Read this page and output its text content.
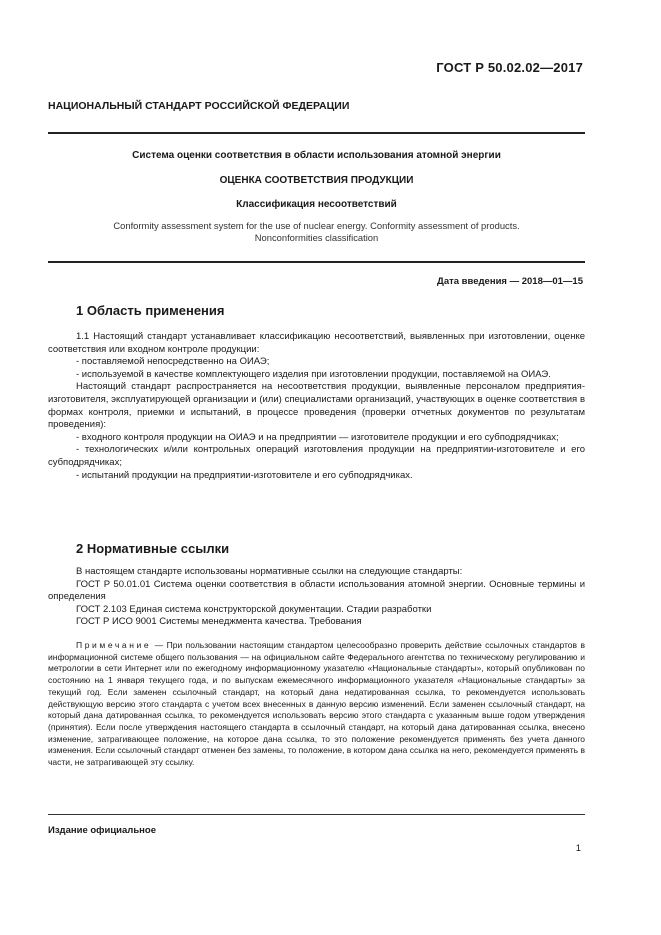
ГОСТ Р 50.02.02—2017
НАЦИОНАЛЬНЫЙ СТАНДАРТ РОССИЙСКОЙ ФЕДЕРАЦИИ
Система оценки соответствия в области использования атомной энергии
ОЦЕНКА СООТВЕТСТВИЯ ПРОДУКЦИИ
Классификация несоответствий
Conformity assessment system for the use of nuclear energy. Conformity assessment of products. Nonconformities classification
Дата введения — 2018—01—15
1 Область применения

1.1 Настоящий стандарт устанавливает классификацию несоответствий, выявленных при изготовлении, оценке соответствия или входном контроле продукции:

- поставляемой непосредственно на ОИАЭ;

- используемой в качестве комплектующего изделия при изготовлении продукции, поставляемой на ОИАЭ.

Настоящий стандарт распространяется на несоответствия продукции, выявленные персоналом предприятия-изготовителя, эксплуатирующей организации и (или) специалистами организаций, участвующих в оценке соответствия в формах контроля, приемки и испытаний, в процессе проведения (проверки отчетных документов по результатам проведения):

- входного контроля продукции на ОИАЭ и на предприятии — изготовителе продукции и его субподрядчиках;

- технологических и/или контрольных операций изготовления продукции на предприятии-изготовителе и его субподрядчиках;

- испытаний продукции на предприятии-изготовителе и его субподрядчиках.

2 Нормативные ссылки

В настоящем стандарте использованы нормативные ссылки на следующие стандарты:

ГОСТ Р 50.01.01 Система оценки соответствия в области использования атомной энергии. Основные термины и определения

ГОСТ 2.103 Единая система конструкторской документации. Стадии разработки

ГОСТ Р ИСО 9001 Системы менеджмента качества. Требования

Примечание — При пользовании настоящим стандартом целесообразно проверить действие ссылочных стандартов в информационной системе общего пользования — на официальном сайте Федерального агентства по техническому регулированию и метрологии в сети Интернет или по ежегодному информационному указателю «Национальные стандарты», который опубликован по состоянию на 1 января текущего года, и по выпускам ежемесячного информационного указателя «Национальные стандарты» за текущий год. Если заменен ссылочный стандарт, на который дана недатированная ссылка, то рекомендуется использовать действующую версию этого стандарта с учетом всех внесенных в данную версию изменений. Если заменен ссылочный стандарт, на который дана датированная ссылка, то рекомендуется использовать версию этого стандарта с указанным выше годом утверждения (принятия). Если после утверждения настоящего стандарта в ссылочный стандарт, на который дана датированная ссылка, внесено изменение, затрагивающее положение, на которое дана ссылка, то это положение рекомендуется применять без учета данного изменения. Если ссылочный стандарт отменен без замены, то положение, в котором дана ссылка на него, рекомендуется применять в части, не затрагивающей эту ссылку.

Издание официальное
1
